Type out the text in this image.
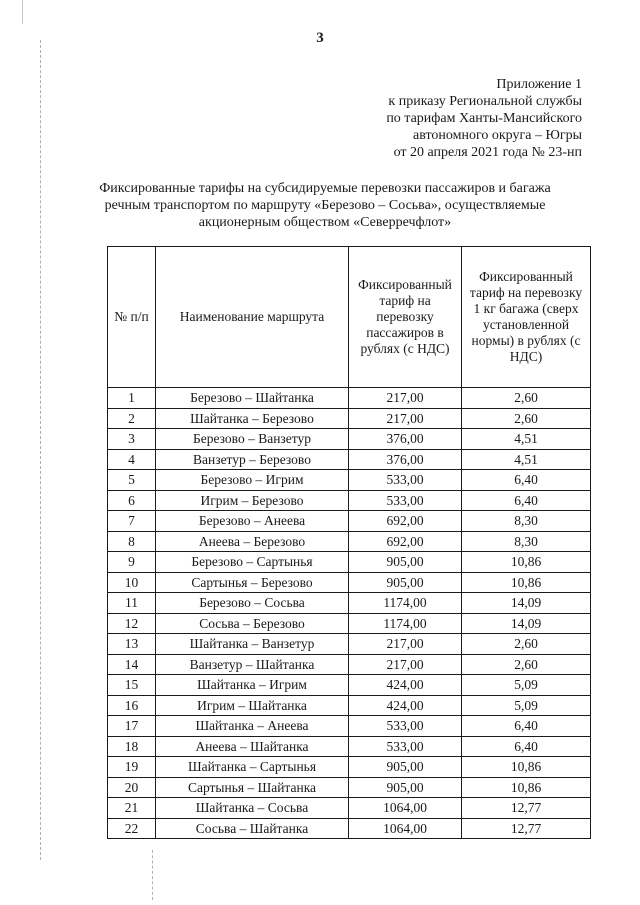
3
Приложение 1
к приказу Региональной службы
по тарифам Ханты-Мансийского
автономного округа – Югры
от 20 апреля 2021 года № 23-нп
Фиксированные тарифы на субсидируемые перевозки пассажиров и багажа
речным транспортом по маршруту «Березово – Сосьва», осуществляемые
акционерным обществом «Северречфлот»
№ п/п	Наименование маршрута	Фиксированный тариф на перевозку пассажиров в рублях (с НДС)	Фиксированный тариф на перевозку 1 кг багажа (сверх установленной нормы) в рублях (с НДС)
1	Березово – Шайтанка	217,00	2,60
2	Шайтанка – Березово	217,00	2,60
3	Березово – Ванзетур	376,00	4,51
4	Ванзетур – Березово	376,00	4,51
5	Березово – Игрим	533,00	6,40
6	Игрим – Березово	533,00	6,40
7	Березово – Анеева	692,00	8,30
8	Анеева – Березово	692,00	8,30
9	Березово – Сартынья	905,00	10,86
10	Сартынья – Березово	905,00	10,86
11	Березово – Сосьва	1174,00	14,09
12	Сосьва – Березово	1174,00	14,09
13	Шайтанка – Ванзетур	217,00	2,60
14	Ванзетур – Шайтанка	217,00	2,60
15	Шайтанка – Игрим	424,00	5,09
16	Игрим – Шайтанка	424,00	5,09
17	Шайтанка – Анеева	533,00	6,40
18	Анеева – Шайтанка	533,00	6,40
19	Шайтанка – Сартынья	905,00	10,86
20	Сартынья – Шайтанка	905,00	10,86
21	Шайтанка – Сосьва	1064,00	12,77
22	Сосьва – Шайтанка	1064,00	12,77
